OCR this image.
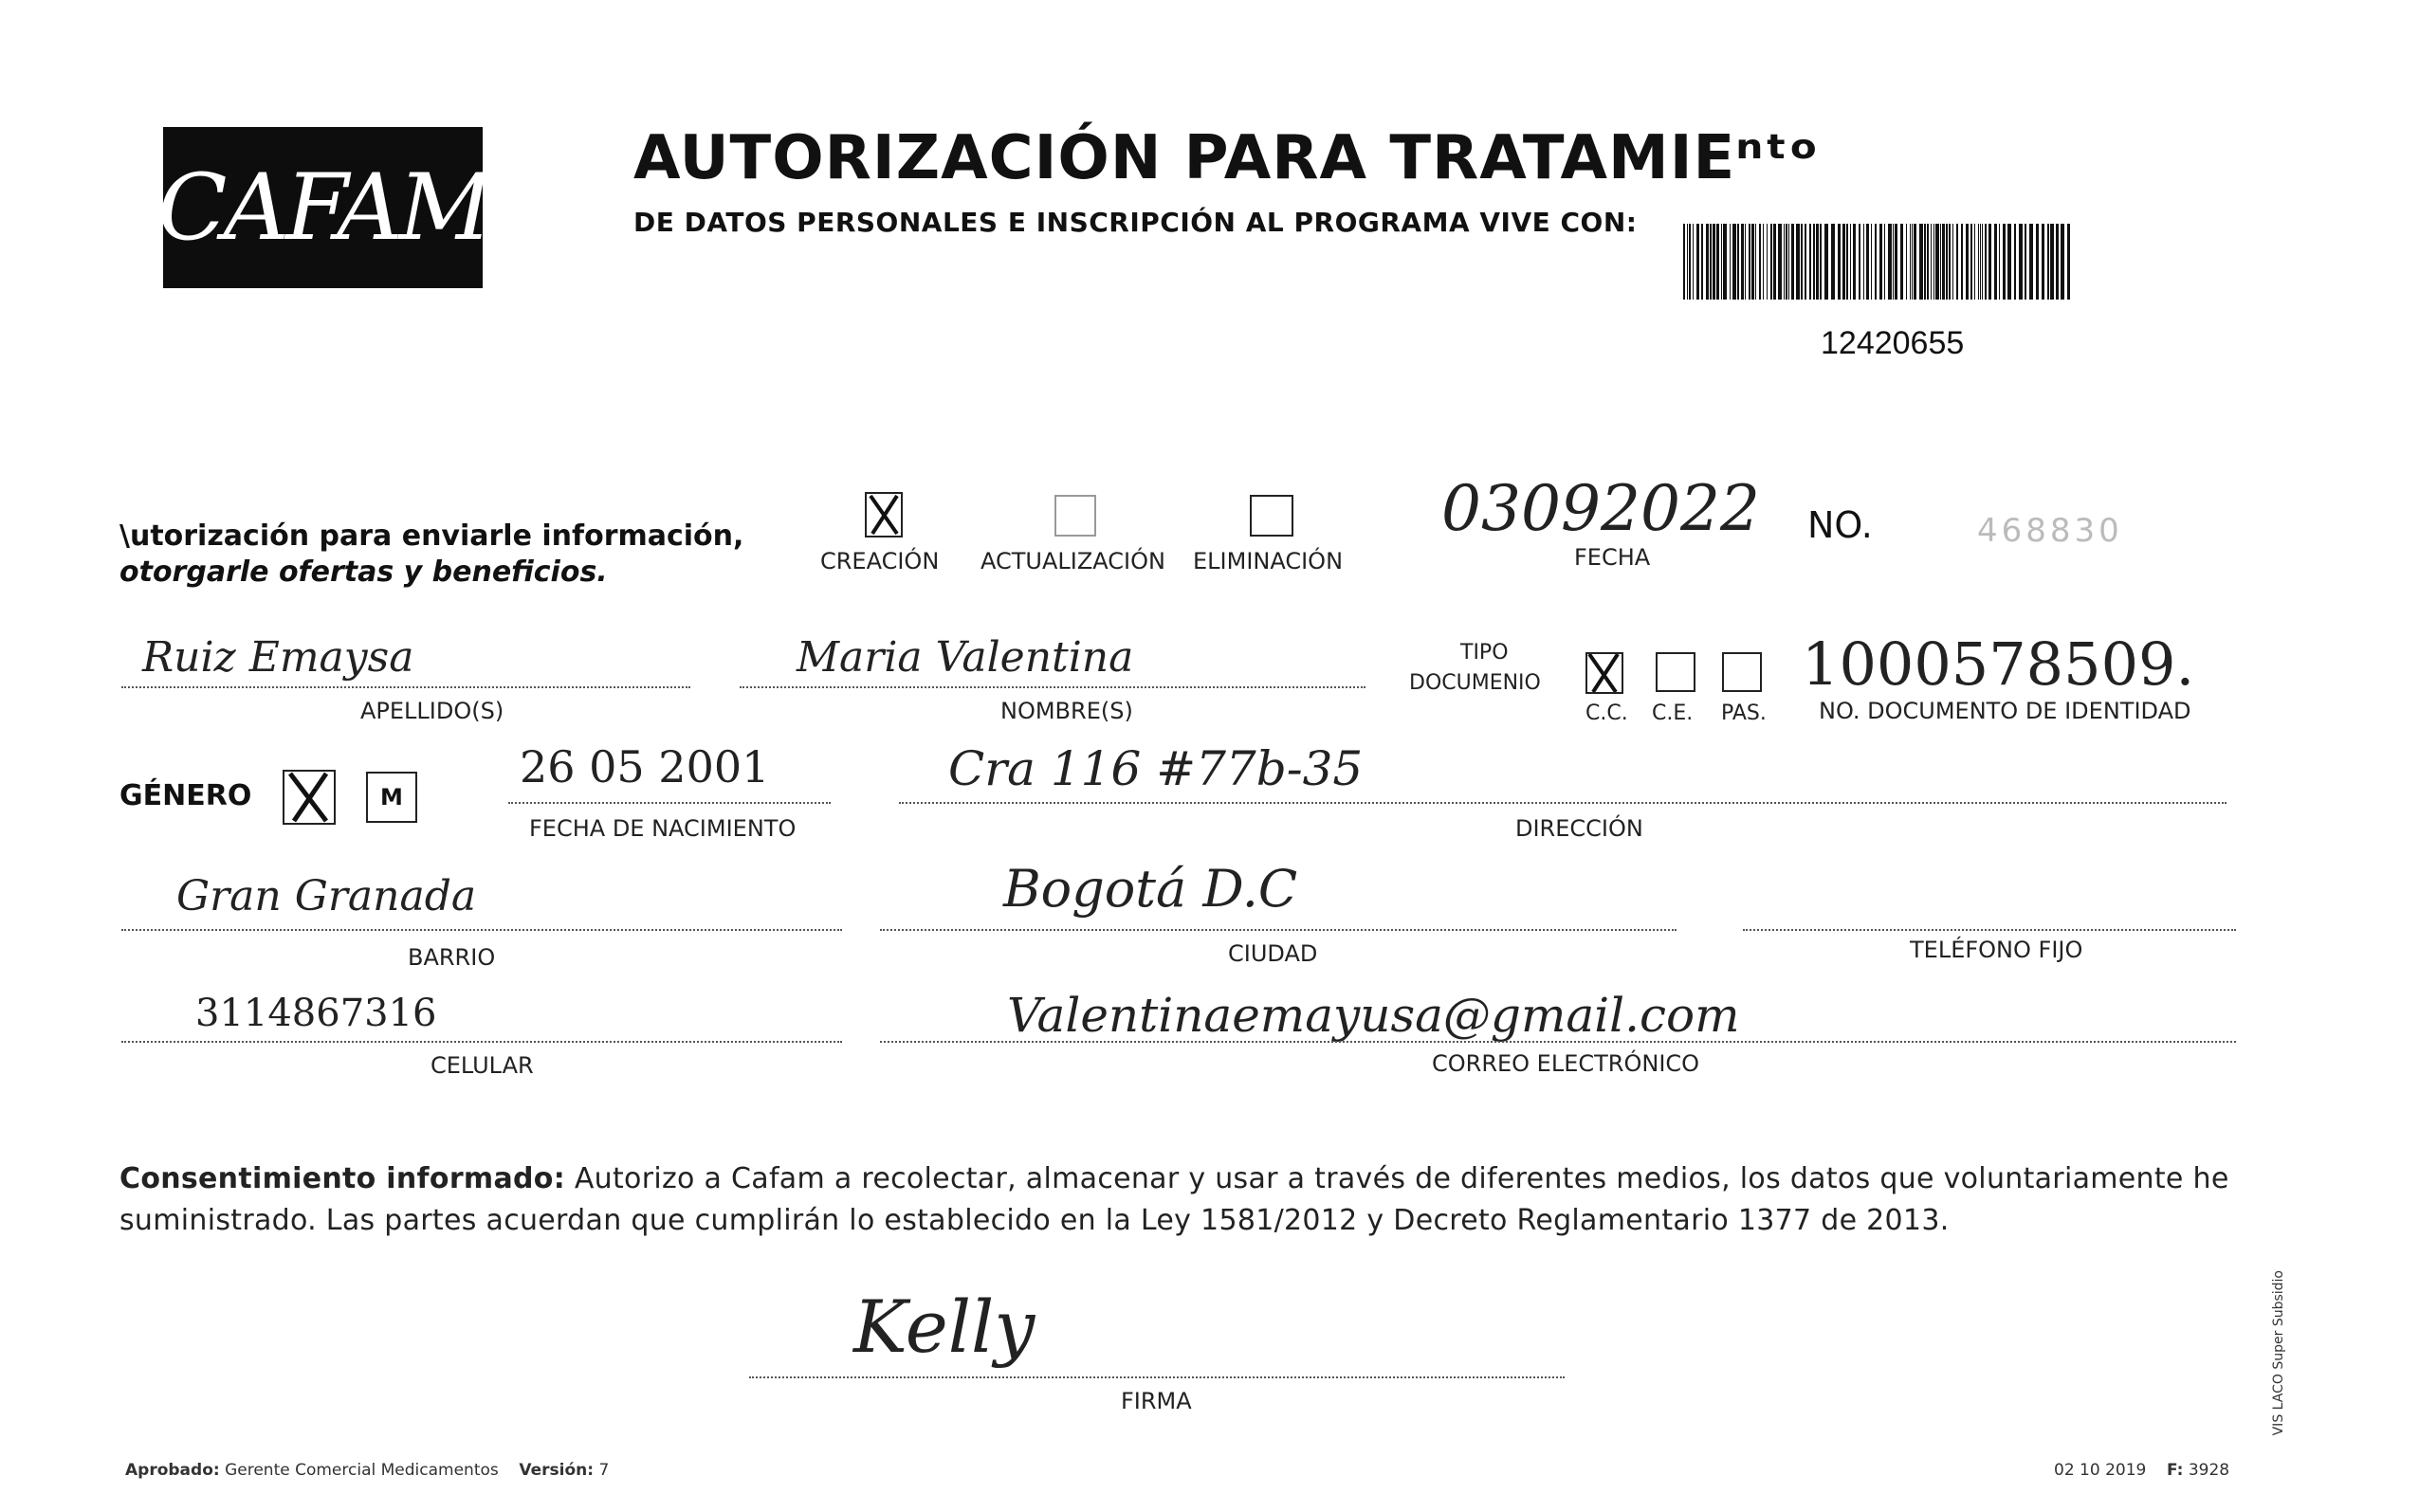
CAFAM AUTORIZACIÓN PARA TRATAMIEⁿᵗᵒ
DE DATOS PERSONALES E INSCRIPCIÓN AL PROGRAMA VIVE CON:
12420655
\utorización para enviarle información,
otorgarle ofertas y beneficios.	CREACIÓN ACTUALIZACIÓN ELIMINACIÓN
03092022
FECHA
NO.	468830
Ruiz Emaysa
APELLIDO(S)
Maria Valentina
NOMBRE(S)
TIPO
DOCUMENIO
C.C. C.E. PAS.
1000578509.
NO. DOCUMENTO DE IDENTIDAD
GÉNERO	M
26 05 2001
FECHA DE NACIMIENTO
Cra 116 #77b-35
DIRECCIÓN
Gran Granada
BARRIO
Bogotá D.C
CIUDAD	TELÉFONO FIJO
3114867316
CELULAR
Valentinaemayusa@gmail.com
CORREO ELECTRÓNICO
Consentimiento informado: Autorizo a Cafam a recolectar, almacenar y usar a través de diferentes medios, los datos que voluntariamente he suministrado. Las partes acuerdan que cumplirán lo establecido en la Ley 1581/2012 y Decreto Reglamentario 1377 de 2013.
Kelly
FIRMA
Aprobado: Gerente Comercial Medicamentos Versión: 7	02 10 2019 F: 3928
VIS LACO Super Subsidio
